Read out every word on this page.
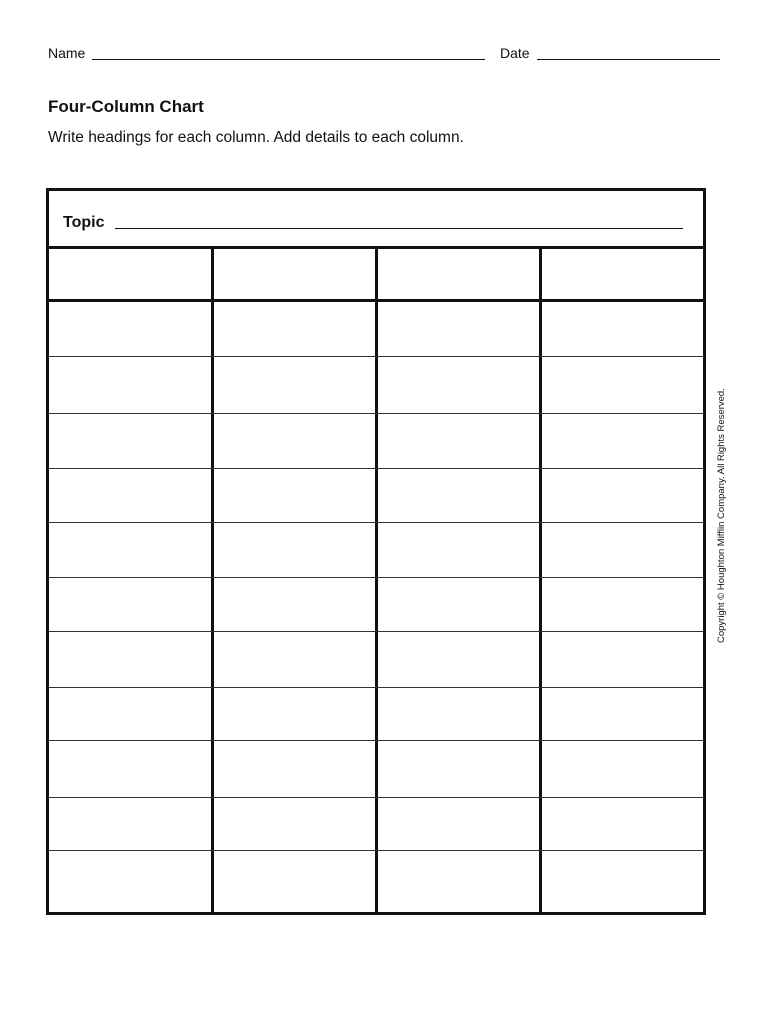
Name	Date
Four-Column Chart
Write headings for each column. Add details to each column.
Topic
Copyright © Houghton Mifflin Company. All Rights Reserved.
